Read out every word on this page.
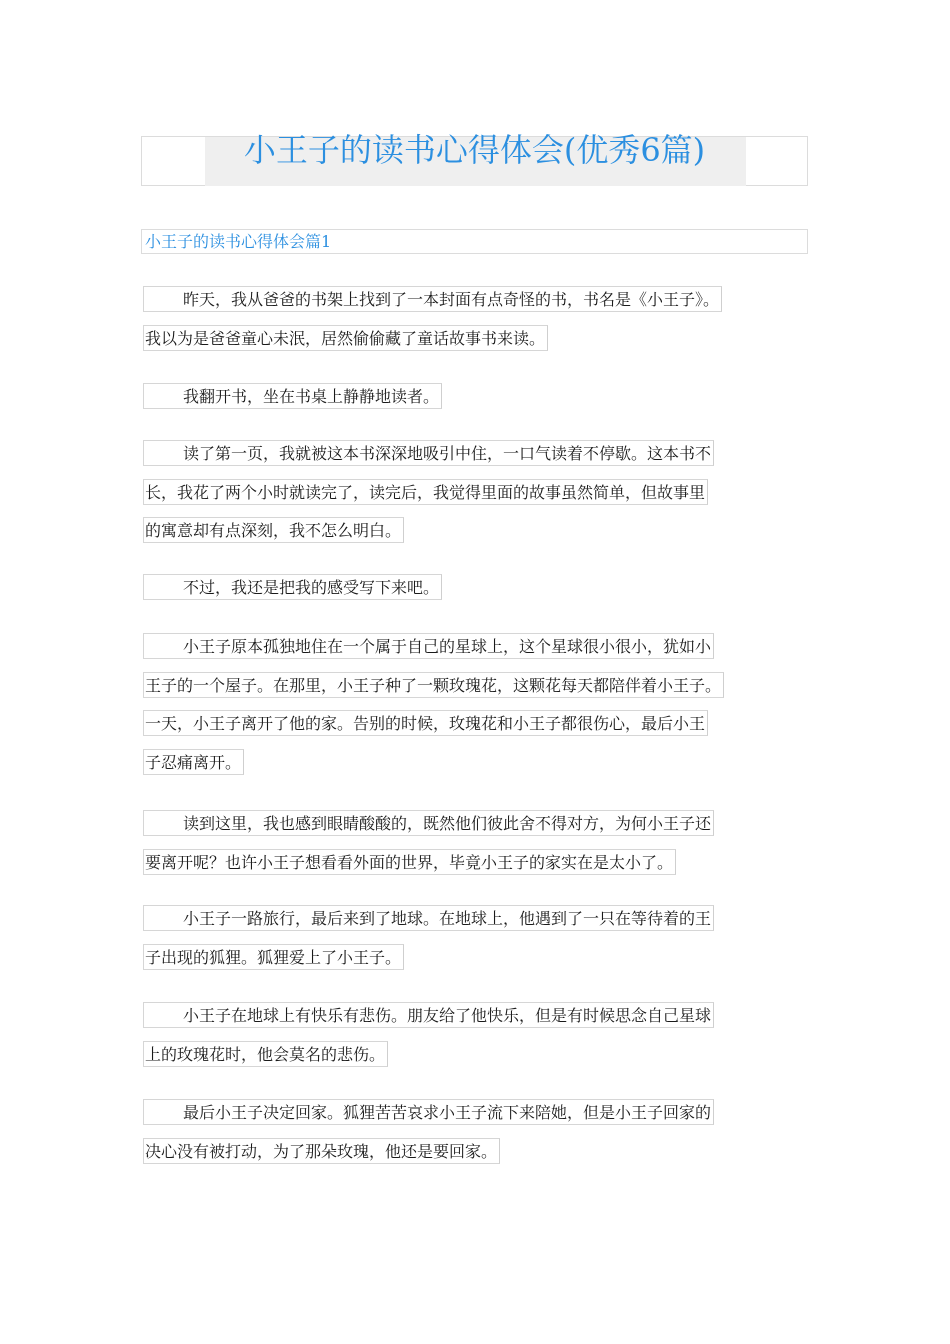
小王子的读书心得体会(优秀6篇)
小王子的读书心得体会篇1
昨天，我从爸爸的书架上找到了一本封面有点奇怪的书，书名是《小王子》。
我以为是爸爸童心未泯，居然偷偷藏了童话故事书来读。

我翻开书，坐在书桌上静静地读者。

读了第一页，我就被这本书深深地吸引中住，一口气读着不停歇。这本书不
长，我花了两个小时就读完了，读完后，我觉得里面的故事虽然简单，但故事里
的寓意却有点深刻，我不怎么明白。

不过，我还是把我的感受写下来吧。

小王子原本孤独地住在一个属于自己的星球上，这个星球很小很小，犹如小
王子的一个屋子。在那里，小王子种了一颗玫瑰花，这颗花每天都陪伴着小王子。
一天，小王子离开了他的家。告别的时候，玫瑰花和小王子都很伤心，最后小王
子忍痛离开。

读到这里，我也感到眼睛酸酸的，既然他们彼此舍不得对方，为何小王子还
要离开呢？也许小王子想看看外面的世界，毕竟小王子的家实在是太小了。

小王子一路旅行，最后来到了地球。在地球上，他遇到了一只在等待着的王
子出现的狐狸。狐狸爱上了小王子。

小王子在地球上有快乐有悲伤。朋友给了他快乐，但是有时候思念自己星球
上的玫瑰花时，他会莫名的悲伤。

最后小王子决定回家。狐狸苦苦哀求小王子流下来陪她，但是小王子回家的
决心没有被打动，为了那朵玫瑰，他还是要回家。
